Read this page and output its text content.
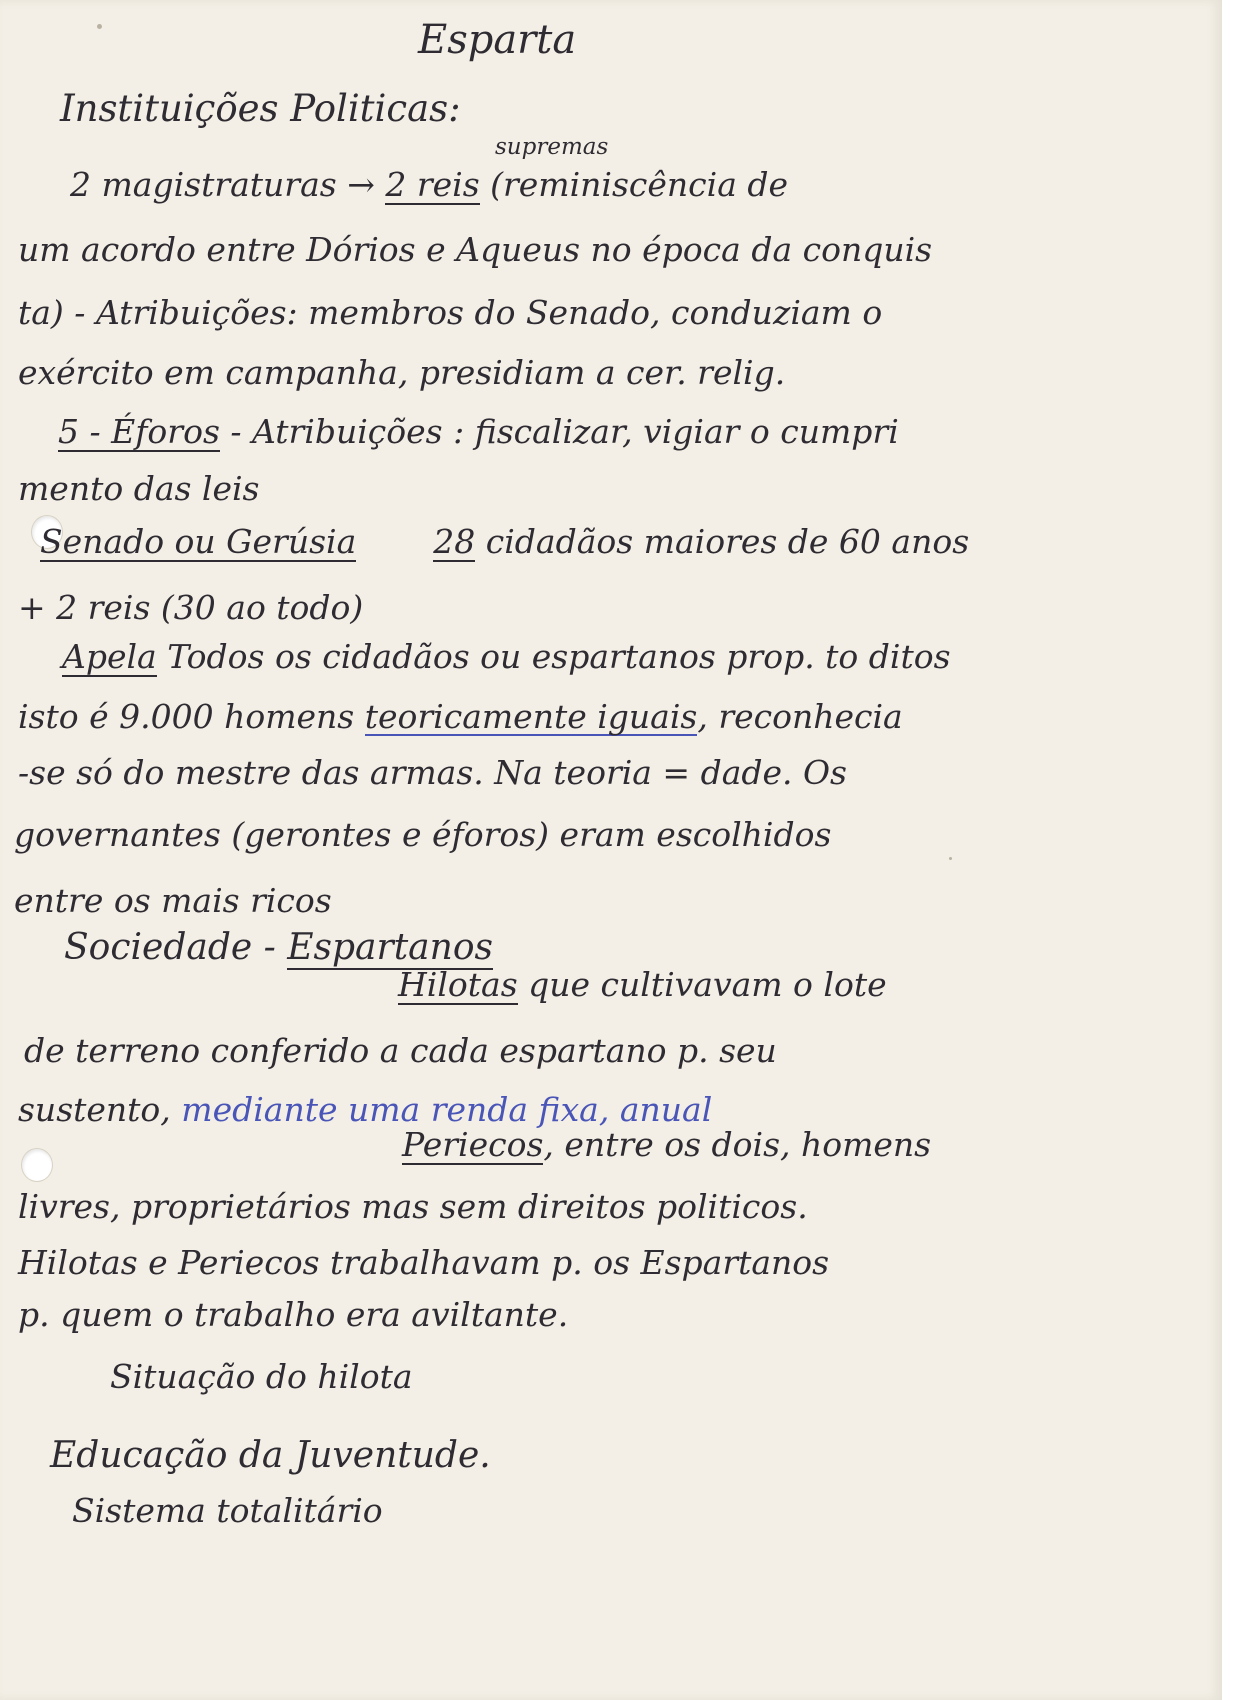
Esparta
Instituições Politicas:
supremas
2 magistraturas → 2 reis (reminiscência de
um acordo entre Dórios e Aqueus no época da conquis
ta) - Atribuições: membros do Senado, conduziam o
exército em campanha, presidiam a cer. relig.
5 - Éforos - Atribuições : fiscalizar, vigiar o cumpri
mento das leis
Senado ou Gerúsia 28 cidadãos maiores de 60 anos
+ 2 reis (30 ao todo)
Apela Todos os cidadãos ou espartanos prop. to ditos
isto é 9.000 homens teoricamente iguais, reconhecia
-se só do mestre das armas. Na teoria = dade. Os
governantes (gerontes e éforos) eram escolhidos
entre os mais ricos
Sociedade - Espartanos
Hilotas que cultivavam o lote
de terreno conferido a cada espartano p. seu
sustento, mediante uma renda fixa, anual
Periecos, entre os dois, homens
livres, proprietários mas sem direitos politicos.
Hilotas e Periecos trabalhavam p. os Espartanos
p. quem o trabalho era aviltante.
Situação do hilota
Educação da Juventude.
Sistema totalitário
